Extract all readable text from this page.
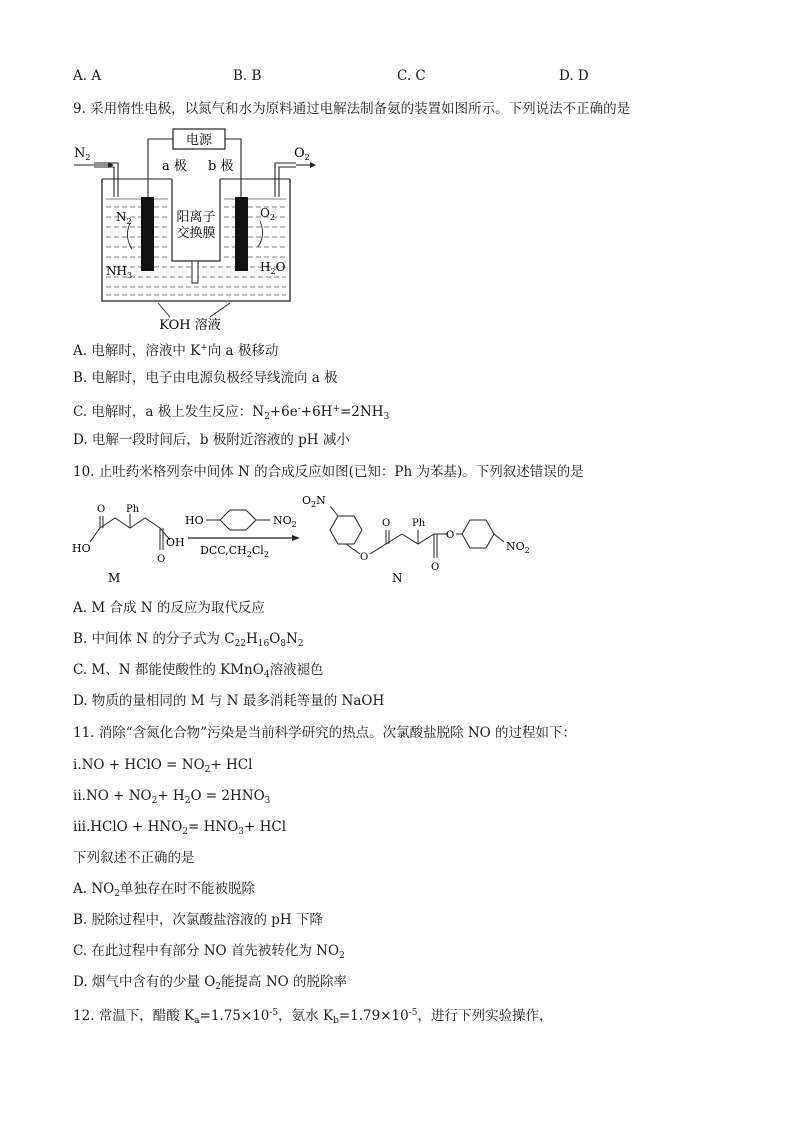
A. A	B. B	C. C	D. D
9. 采用惰性电极，以氮气和水为原料通过电解法制备氨的装置如图所示。下列说法不正确的是
电源
a 极 b 极
$N_2$	$O_2$
阳离子
交换膜
$N_2$
$NH_3$
$O_2$
$H_2O$
KOH 溶液
A. 电解时，溶液中 K+向 a 极移动
B. 电解时，电子由电源负极经导线流向 a 极
C. 电解时，a 极上发生反应：$N_2+6e^-+6H^+=2NH_3$
D. 电解一段时间后，b 极附近溶液的 pH 减小
10. 止吐药米格列奈中间体 N 的合成反应如图(已知：Ph 为苯基)。下列叙述错误的是
O
HO
Ph
OH
O
M
HO	$NO_2$
$DCC,CH_2Cl_2$
$O_2N$
O
O Ph
O
O
$NO_2$
N
A. M 合成 N 的反应为取代反应
B. 中间体 N 的分子式为 $C_{22}H_{16}O_8N_2$
C. M、N 都能使酸性的 KMnO$_4$溶液褪色
D. 物质的量相同的 M 与 N 最多消耗等量的 NaOH
11. 消除“含氮化合物”污染是当前科学研究的热点。次氯酸盐脱除 NO 的过程如下：
i.NO + HClO = $NO_2+$ HCl
$ii.NO + NO_2+ H_2O = 2HNO_3$
iii.HClO + $HNO_2= HNO_3+$ HCl
下列叙述不正确的是
A. $NO_2$单独存在时不能被脱除
B. 脱除过程中，次氯酸盐溶液的 pH 下降
C. 在此过程中有部分 NO 首先被转化为 $NO_2$
D. 烟气中含有的少量 $O_2$能提高 NO 的脱除率
12. 常温下，醋酸 $K_a=1.75\times 10^{-5}$，氨水 $K_b=1.79\times 10^{-5}$，进行下列实验操作，
